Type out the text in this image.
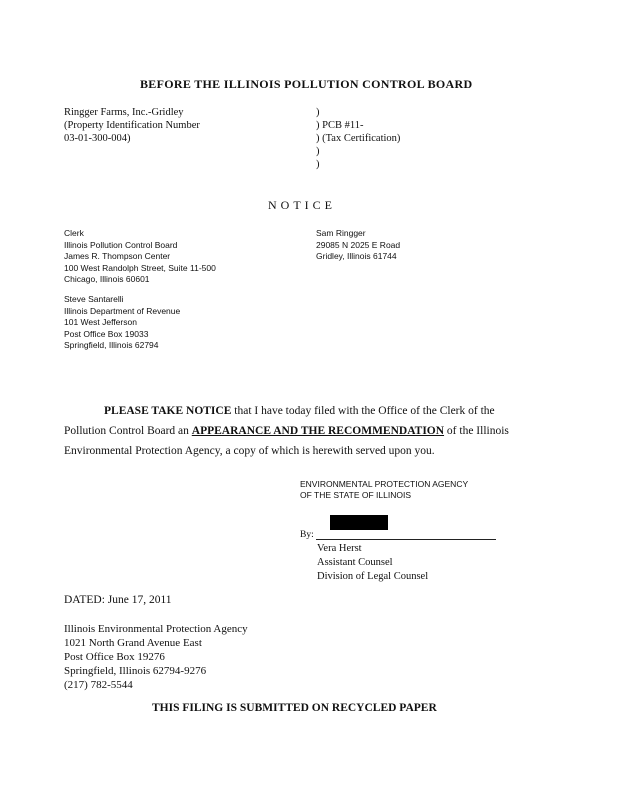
BEFORE THE ILLINOIS POLLUTION CONTROL BOARD
Ringger Farms, Inc.-Gridley
(Property Identification Number
03-01-300-004)
)
) PCB #11-
) (Tax Certification)
)
)
NOTICE
Clerk
Illinois Pollution Control Board
James R. Thompson Center
100 West Randolph Street, Suite 11-500
Chicago, Illinois 60601
Sam Ringger
29085 N 2025 E Road
Gridley, Illinois 61744
Steve Santarelli
Illinois Department of Revenue
101 West Jefferson
Post Office Box 19033
Springfield, Illinois 62794
PLEASE TAKE NOTICE that I have today filed with the Office of the Clerk of the
Pollution Control Board an APPEARANCE AND THE RECOMMENDATION of the Illinois
Environmental Protection Agency, a copy of which is herewith served upon you.
ENVIRONMENTAL PROTECTION AGENCY
OF THE STATE OF ILLINOIS
By:
Vera Herst
Assistant Counsel
Division of Legal Counsel
DATED: June 17, 2011
Illinois Environmental Protection Agency
1021 North Grand Avenue East
Post Office Box 19276
Springfield, Illinois 62794-9276
(217) 782-5544
THIS FILING IS SUBMITTED ON RECYCLED PAPER
